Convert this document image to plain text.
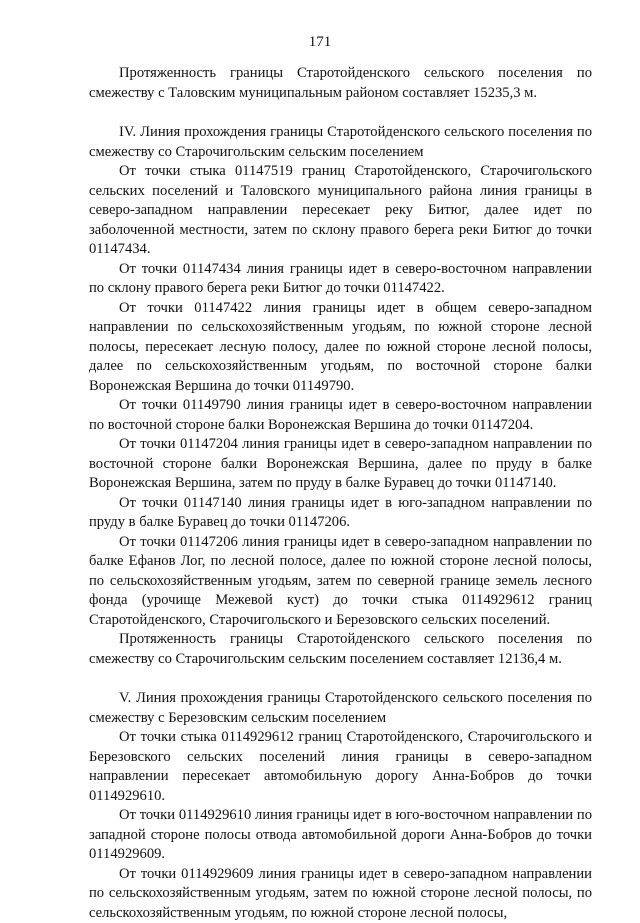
171

Протяженность границы Старотойденского сельского поселения по смежеству с Таловским муниципальным районом составляет 15235,3 м.

IV. Линия прохождения границы Старотойденского сельского поселения по смежеству со Старочигольским сельским поселением

От точки стыка 01147519 границ Старотойденского, Старочигольского сельских поселений и Таловского муниципального района линия границы в северо-западном направлении пересекает реку Битюг, далее идет по заболоченной местности, затем по склону правого берега реки Битюг до точки 01147434.

От точки 01147434 линия границы идет в северо-восточном направлении по склону правого берега реки Битюг до точки 01147422.

От точки 01147422 линия границы идет в общем северо-западном направлении по сельскохозяйственным угодьям, по южной стороне лесной полосы, пересекает лесную полосу, далее по южной стороне лесной полосы, далее по сельскохозяйственным угодьям, по восточной стороне балки Воронежская Вершина до точки 01149790.

От точки 01149790 линия границы идет в северо-восточном направлении по восточной стороне балки Воронежская Вершина до точки 01147204.

От точки 01147204 линия границы идет в северо-западном направлении по восточной стороне балки Воронежская Вершина, далее по пруду в балке Воронежская Вершина, затем по пруду в балке Буравец до точки 01147140.

От точки 01147140 линия границы идет в юго-западном направлении по пруду в балке Буравец до точки 01147206.

От точки 01147206 линия границы идет в северо-западном направлении по балке Ефанов Лог, по лесной полосе, далее по южной стороне лесной полосы, по сельскохозяйственным угодьям, затем по северной границе земель лесного фонда (урочище Межевой куст) до точки стыка 0114929612 границ Старотойденского, Старочигольского и Березовского сельских поселений.

Протяженность границы Старотойденского сельского поселения по смежеству со Старочигольским сельским поселением составляет 12136,4 м.

V. Линия прохождения границы Старотойденского сельского поселения по смежеству с Березовским сельским поселением

От точки стыка 0114929612 границ Старотойденского, Старочигольского и Березовского сельских поселений линия границы в северо-западном направлении пересекает автомобильную дорогу Анна-Бобров до точки 0114929610.

От точки 0114929610 линия границы идет в юго-восточном направлении по западной стороне полосы отвода автомобильной дороги Анна-Бобров до точки 0114929609.

От точки 0114929609 линия границы идет в северо-западном направлении по сельскохозяйственным угодьям, затем по южной стороне лесной полосы, по сельскохозяйственным угодьям, по южной стороне лесной полосы,
